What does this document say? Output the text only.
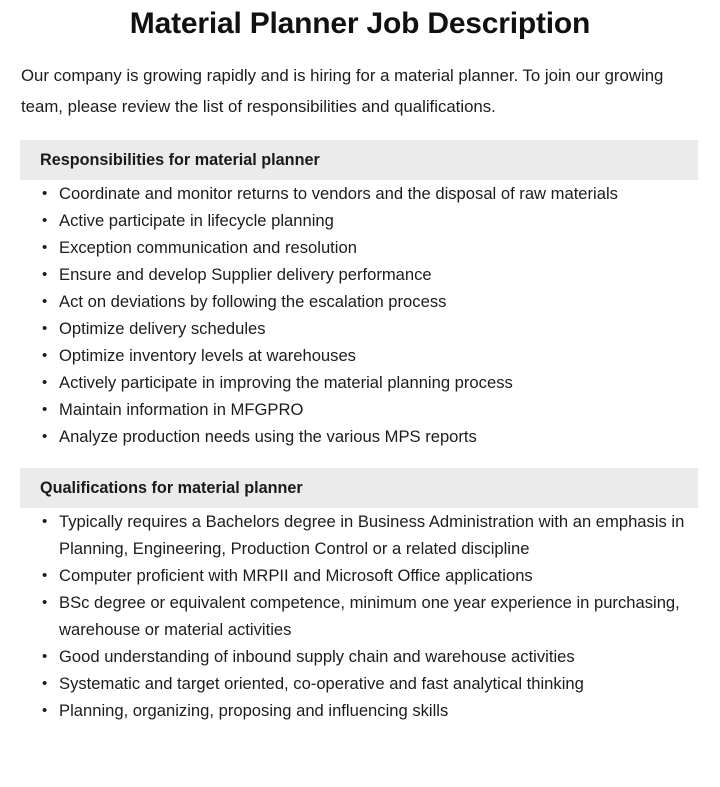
Material Planner Job Description

Our company is growing rapidly and is hiring for a material planner. To join our growing team, please review the list of responsibilities and qualifications.

Responsibilities for material planner
• Coordinate and monitor returns to vendors and the disposal of raw materials
• Active participate in lifecycle planning
• Exception communication and resolution
• Ensure and develop Supplier delivery performance
• Act on deviations by following the escalation process
• Optimize delivery schedules
• Optimize inventory levels at warehouses
• Actively participate in improving the material planning process
• Maintain information in MFGPRO
• Analyze production needs using the various MPS reports
Qualifications for material planner
• Typically requires a Bachelors degree in Business Administration with an emphasis in Planning, Engineering, Production Control or a related discipline
• Computer proficient with MRPII and Microsoft Office applications
• BSc degree or equivalent competence, minimum one year experience in purchasing, warehouse or material activities
• Good understanding of inbound supply chain and warehouse activities
• Systematic and target oriented, co-operative and fast analytical thinking
• Planning, organizing, proposing and influencing skills
